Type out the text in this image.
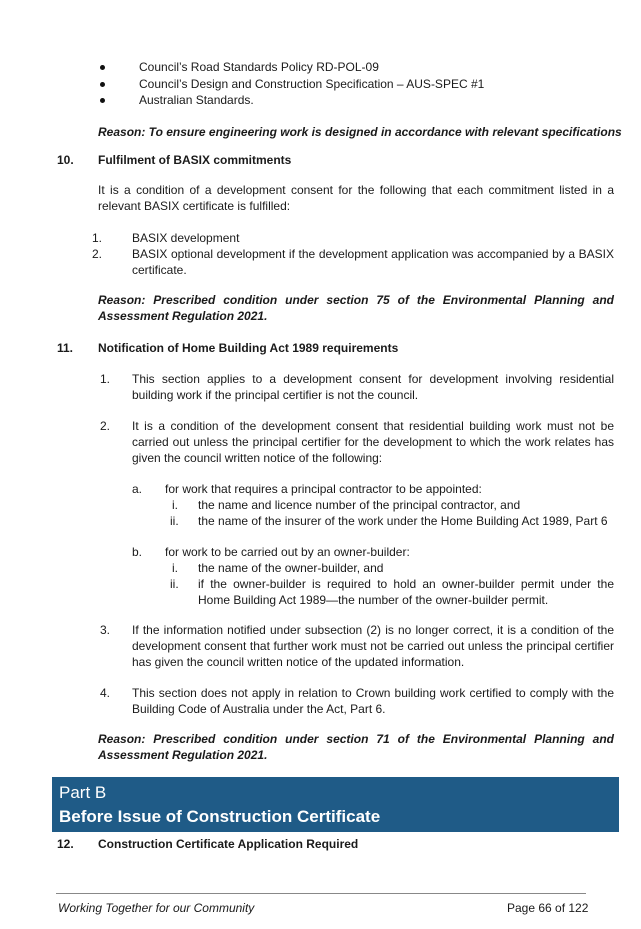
Council’s Road Standards Policy RD-POL-09
Council’s Design and Construction Specification – AUS-SPEC #1
Australian Standards.
Reason: To ensure engineering work is designed in accordance with relevant specifications
10. Fulfilment of BASIX commitments
It is a condition of a development consent for the following that each commitment listed in a relevant BASIX certificate is fulfilled:
1. BASIX development
2. BASIX optional development if the development application was accompanied by a BASIX certificate.
Reason: Prescribed condition under section 75 of the Environmental Planning and Assessment Regulation 2021.
11. Notification of Home Building Act 1989 requirements
1. This section applies to a development consent for development involving residential building work if the principal certifier is not the council.
2. It is a condition of the development consent that residential building work must not be carried out unless the principal certifier for the development to which the work relates has given the council written notice of the following:
a. for work that requires a principal contractor to be appointed:
i. the name and licence number of the principal contractor, and
ii. the name of the insurer of the work under the Home Building Act 1989, Part 6
b. for work to be carried out by an owner-builder:
i. the name of the owner-builder, and
ii. if the owner-builder is required to hold an owner-builder permit under the Home Building Act 1989—the number of the owner-builder permit.
3. If the information notified under subsection (2) is no longer correct, it is a condition of the development consent that further work must not be carried out unless the principal certifier has given the council written notice of the updated information.
4. This section does not apply in relation to Crown building work certified to comply with the Building Code of Australia under the Act, Part 6.
Reason: Prescribed condition under section 71 of the Environmental Planning and Assessment Regulation 2021.
Part B
Before Issue of Construction Certificate
12. Construction Certificate Application Required
Working Together for our Community	Page 66 of 122
